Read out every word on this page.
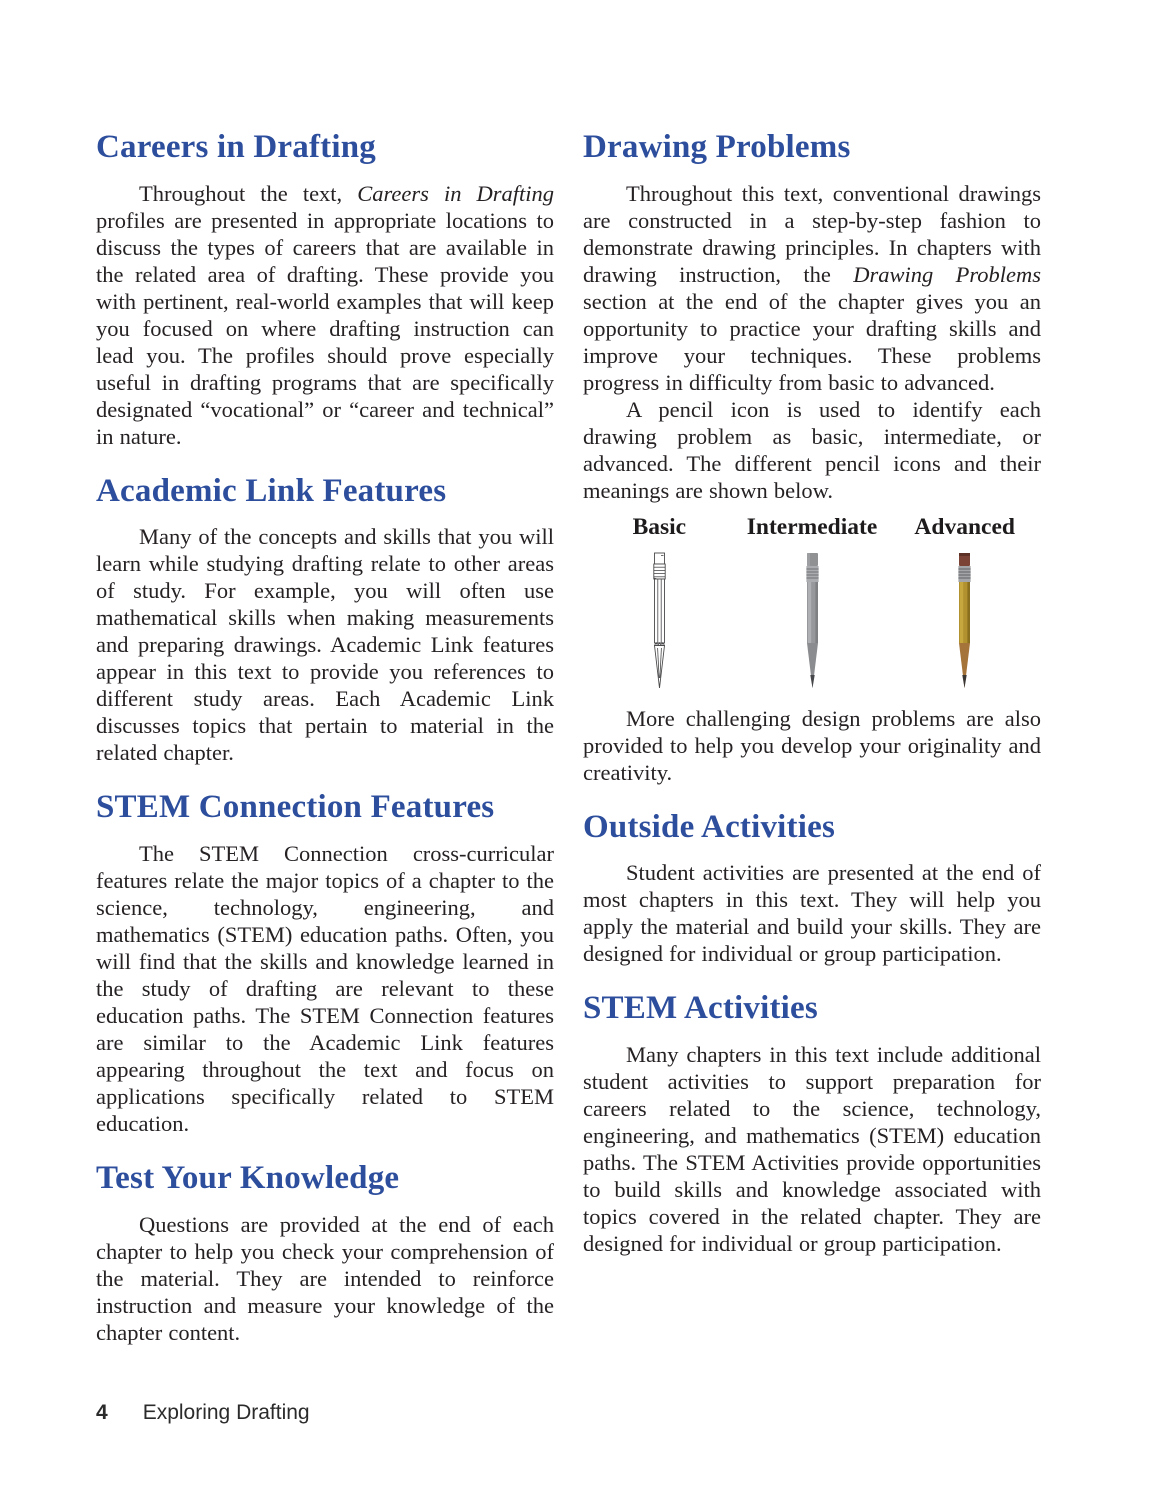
Careers in Drafting

Throughout the text, Careers in Drafting profiles are presented in appropriate locations to discuss the types of careers that are available in the related area of drafting. These provide you with pertinent, real-world examples that will keep you focused on where drafting instruction can lead you. The profiles should prove especially useful in drafting programs that are specifically designated “vocational” or “career and technical” in nature.

Academic Link Features

Many of the concepts and skills that you will learn while studying drafting relate to other areas of study. For example, you will often use mathematical skills when making measurements and preparing drawings. Academic Link features appear in this text to provide you references to different study areas. Each Academic Link discusses topics that pertain to material in the related chapter.

STEM Connection Features

The STEM Connection cross-curricular features relate the major topics of a chapter to the science, technology, engineering, and mathematics (STEM) education paths. Often, you will find that the skills and knowledge learned in the study of drafting are relevant to these education paths. The STEM Connection features are similar to the Academic Link features appearing throughout the text and focus on applications specifically related to STEM education.

Test Your Knowledge

Questions are provided at the end of each chapter to help you check your comprehension of the material. They are intended to reinforce instruction and measure your knowledge of the chapter content.

Drawing Problems

Throughout this text, conventional drawings are constructed in a step-by-step fashion to demonstrate drawing principles. In chapters with drawing instruction, the Drawing Problems section at the end of the chapter gives you an opportunity to practice your drafting skills and improve your techniques. These problems progress in difficulty from basic to advanced.

A pencil icon is used to identify each drawing problem as basic, intermediate, or advanced. The different pencil icons and their meanings are shown below.

Basic	Intermediate Advanced

More challenging design problems are also provided to help you develop your originality and creativity.

Outside Activities

Student activities are presented at the end of most chapters in this text. They will help you apply the material and build your skills. They are designed for individual or group participation.

STEM Activities

Many chapters in this text include additional student activities to support preparation for careers related to the science, technology, engineering, and mathematics (STEM) education paths. The STEM Activities provide opportunities to build skills and knowledge associated with topics covered in the related chapter. They are designed for individual or group participation.

4 Exploring Drafting
